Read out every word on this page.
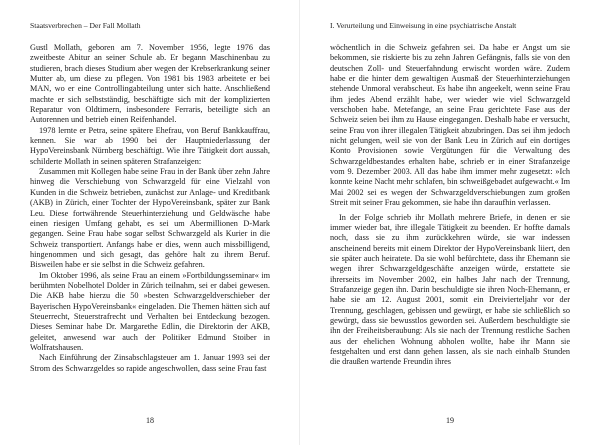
Staatsverbrechen – Der Fall Mollath

Gustl Mollath, geboren am 7. November 1956, legte 1976 das zweitbeste Abitur an seiner Schule ab. Er begann Maschinenbau zu studieren, brach dieses Studium aber wegen der Krebserkrankung seiner Mutter ab, um diese zu pflegen. Von 1981 bis 1983 arbeitete er bei MAN, wo er eine Controllingabteilung unter sich hatte. Anschließend machte er sich selbstständig, beschäftigte sich mit der komplizierten Reparatur von Oldtimern, insbesondere Ferraris, beteiligte sich an Autorennen und betrieb einen Reifenhandel.

1978 lernte er Petra, seine spätere Ehefrau, von Beruf Bankkauffrau, kennen. Sie war ab 1990 bei der Hauptniederlassung der HypoVereinsbank Nürnberg beschäftigt. Wie ihre Tätigkeit dort aussah, schilderte Mollath in seinen späteren Strafanzeigen:

Zusammen mit Kollegen habe seine Frau in der Bank über zehn Jahre hinweg die Verschiebung von Schwarzgeld für eine Vielzahl von Kunden in die Schweiz betrieben, zunächst zur Anlage- und Kreditbank (AKB) in Zürich, einer Tochter der HypoVereinsbank, später zur Bank Leu. Diese fortwährende Steuerhinterziehung und Geldwäsche habe einen riesigen Umfang gehabt, es sei um Abermillionen D-Mark gegangen. Seine Frau habe sogar selbst Schwarzgeld als Kurier in die Schweiz transportiert. Anfangs habe er dies, wenn auch missbilligend, hingenommen und sich gesagt, das gehöre halt zu ihrem Beruf. Bisweilen habe er sie selbst in die Schweiz gefahren.

Im Oktober 1996, als seine Frau an einem »Fortbildungsseminar« im berühmten Nobelhotel Dolder in Zürich teilnahm, sei er dabei gewesen. Die AKB habe hierzu die 50 »besten Schwarzgeldverschieber der Bayerischen HypoVereinsbank« eingeladen. Die Themen hätten sich auf Steuerrecht, Steuerstrafrecht und Verhalten bei Entdeckung bezogen. Dieses Seminar habe Dr. Margarethe Edlin, die Direktorin der AKB, geleitet, anwesend war auch der Politiker Edmund Stoiber in Wolfratshausen.

Nach Einführung der Zinsabschlagsteuer am 1. Januar 1993 sei der Strom des Schwarzgeldes so rapide angeschwollen, dass seine Frau fast

18
I. Verurteilung und Einweisung in eine psychiatrische Anstalt

wöchentlich in die Schweiz gefahren sei. Da habe er Angst um sie bekommen, sie riskierte bis zu zehn Jahren Gefängnis, falls sie von den deutschen Zoll- und Steuerfahndung erwischt worden wäre. Zudem habe er die hinter dem gewaltigen Ausmaß der Steuerhinterziehungen stehende Unmoral verabscheut. Es habe ihn angeekelt, wenn seine Frau ihm jedes Abend erzählt habe, wer wieder wie viel Schwarzgeld verschoben habe. Metefange, an seine Frau gerichtete Fase aus der Schweiz seien bei ihm zu Hause eingegangen. Deshalb habe er versucht, seine Frau von ihrer illegalen Tätigkeit abzubringen. Das sei ihm jedoch nicht gelungen, weil sie von der Bank Leu in Zürich auf ein dortiges Konto Provisionen sowie Vergütungen für die Verwaltung des Schwarzgeldbestandes erhalten habe, schrieb er in einer Strafanzeige vom 9. Dezember 2003. All das habe ihm immer mehr zugesetzt: »Ich konnte keine Nacht mehr schlafen, bin schweißgebadet aufgewacht.« Im Mai 2002 sei es wegen der Schwarzgeldverschiebungen zum großen Streit mit seiner Frau gekommen, sie habe ihn daraufhin verlassen.

In der Folge schrieb ihr Mollath mehrere Briefe, in denen er sie immer wieder bat, ihre illegale Tätigkeit zu beenden. Er hoffte damals noch, dass sie zu ihm zurückkehren würde, sie war indessen anscheinend bereits mit einem Direktor der HypoVereinsbank liiert, den sie später auch heiratete. Da sie wohl befürchtete, dass ihr Ehemann sie wegen ihrer Schwarzgeldgeschäfte anzeigen würde, erstattete sie ihrerseits im November 2002, ein halbes Jahr nach der Trennung, Strafanzeige gegen ihn. Darin beschuldigte sie ihren Noch-Ehemann, er habe sie am 12. August 2001, somit ein Dreivierteljahr vor der Trennung, geschlagen, gebissen und gewürgt, er habe sie schließlich so gewürgt, dass sie bewusstlos geworden sei. Außerdem beschuldigte sie ihn der Freiheitsberaubung: Als sie nach der Trennung restliche Sachen aus der ehelichen Wohnung abholen wollte, habe ihr Mann sie festgehalten und erst dann gehen lassen, als sie nach einhalb Stunden die draußen wartende Freundin ihres

19
